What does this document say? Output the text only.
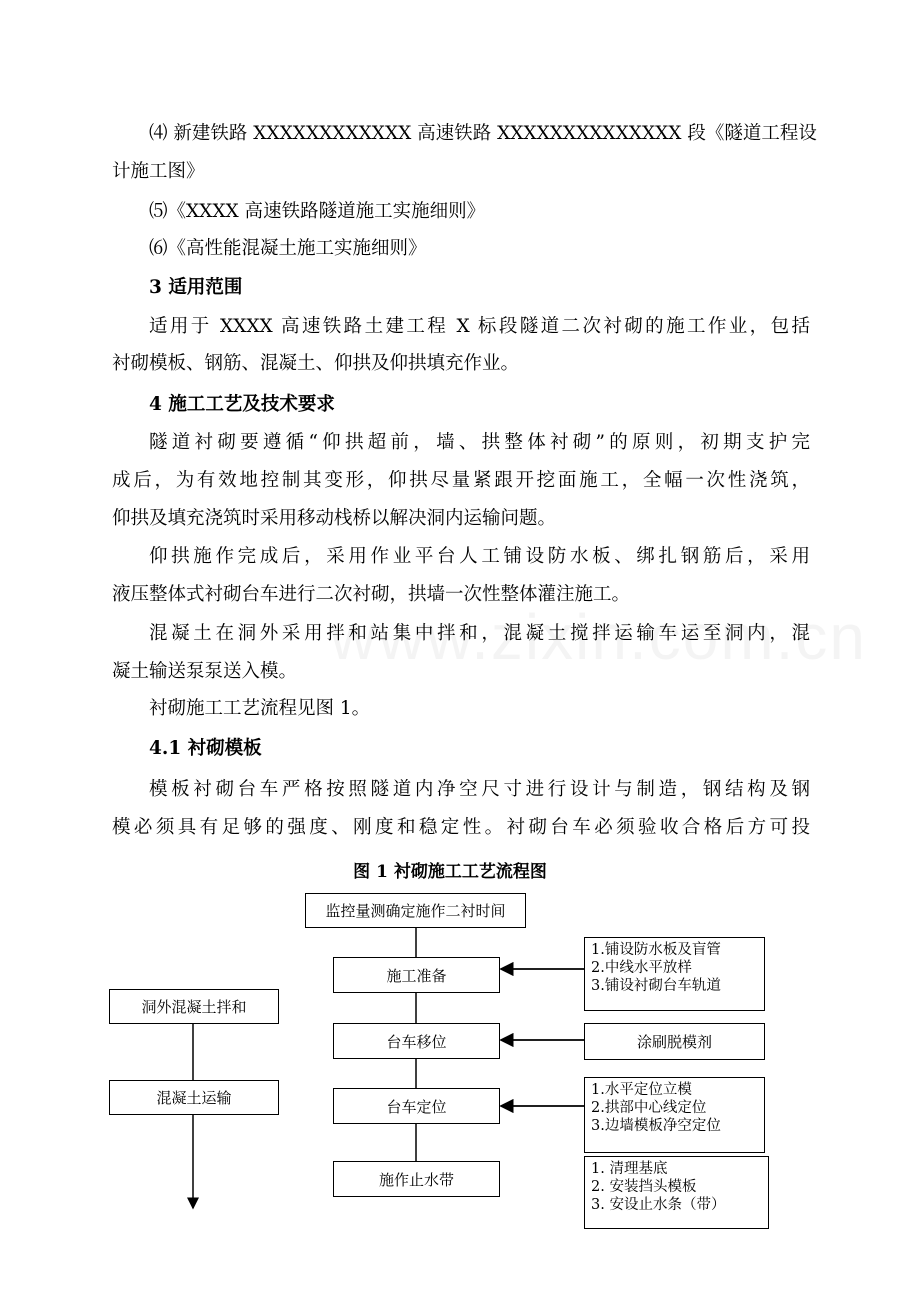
⑷ 新建铁路 XXXXXXXXXXXX 高速铁路 XXXXXXXXXXXXXX 段《隧道工程设
计施工图》
⑸《XXXX 高速铁路隧道施工实施细则》
⑹《高性能混凝土施工实施细则》
3 适用范围
适用于 XXXX 高速铁路土建工程 X 标段隧道二次衬砌的施工作业，包括
衬砌模板、钢筋、混凝土、仰拱及仰拱填充作业。
4 施工工艺及技术要求
隧道衬砌要遵循“仰拱超前，墙、拱整体衬砌”的原则，初期支护完
成后，为有效地控制其变形，仰拱尽量紧跟开挖面施工，全幅一次性浇筑，
仰拱及填充浇筑时采用移动栈桥以解决洞内运输问题。
仰拱施作完成后，采用作业平台人工铺设防水板、绑扎钢筋后，采用
液压整体式衬砌台车进行二次衬砌，拱墙一次性整体灌注施工。
混凝土在洞外采用拌和站集中拌和，混凝土搅拌运输车运至洞内，混
凝土输送泵泵送入模。
衬砌施工工艺流程见图 1。
4.1 衬砌模板
模板衬砌台车严格按照隧道内净空尺寸进行设计与制造，钢结构及钢
模必须具有足够的强度、刚度和稳定性。衬砌台车必须验收合格后方可投
图 1 衬砌施工工艺流程图
监控量测确定施作二衬时间
施工准备
台车移位
台车定位
施作止水带
洞外混凝土拌和
混凝土运输
1.铺设防水板及盲管
2.中线水平放样
3.铺设衬砌台车轨道
涂刷脱模剂
1.水平定位立模
2.拱部中心线定位
3.边墙模板净空定位
1. 清理基底
2. 安装挡头模板
3. 安设止水条（带）
